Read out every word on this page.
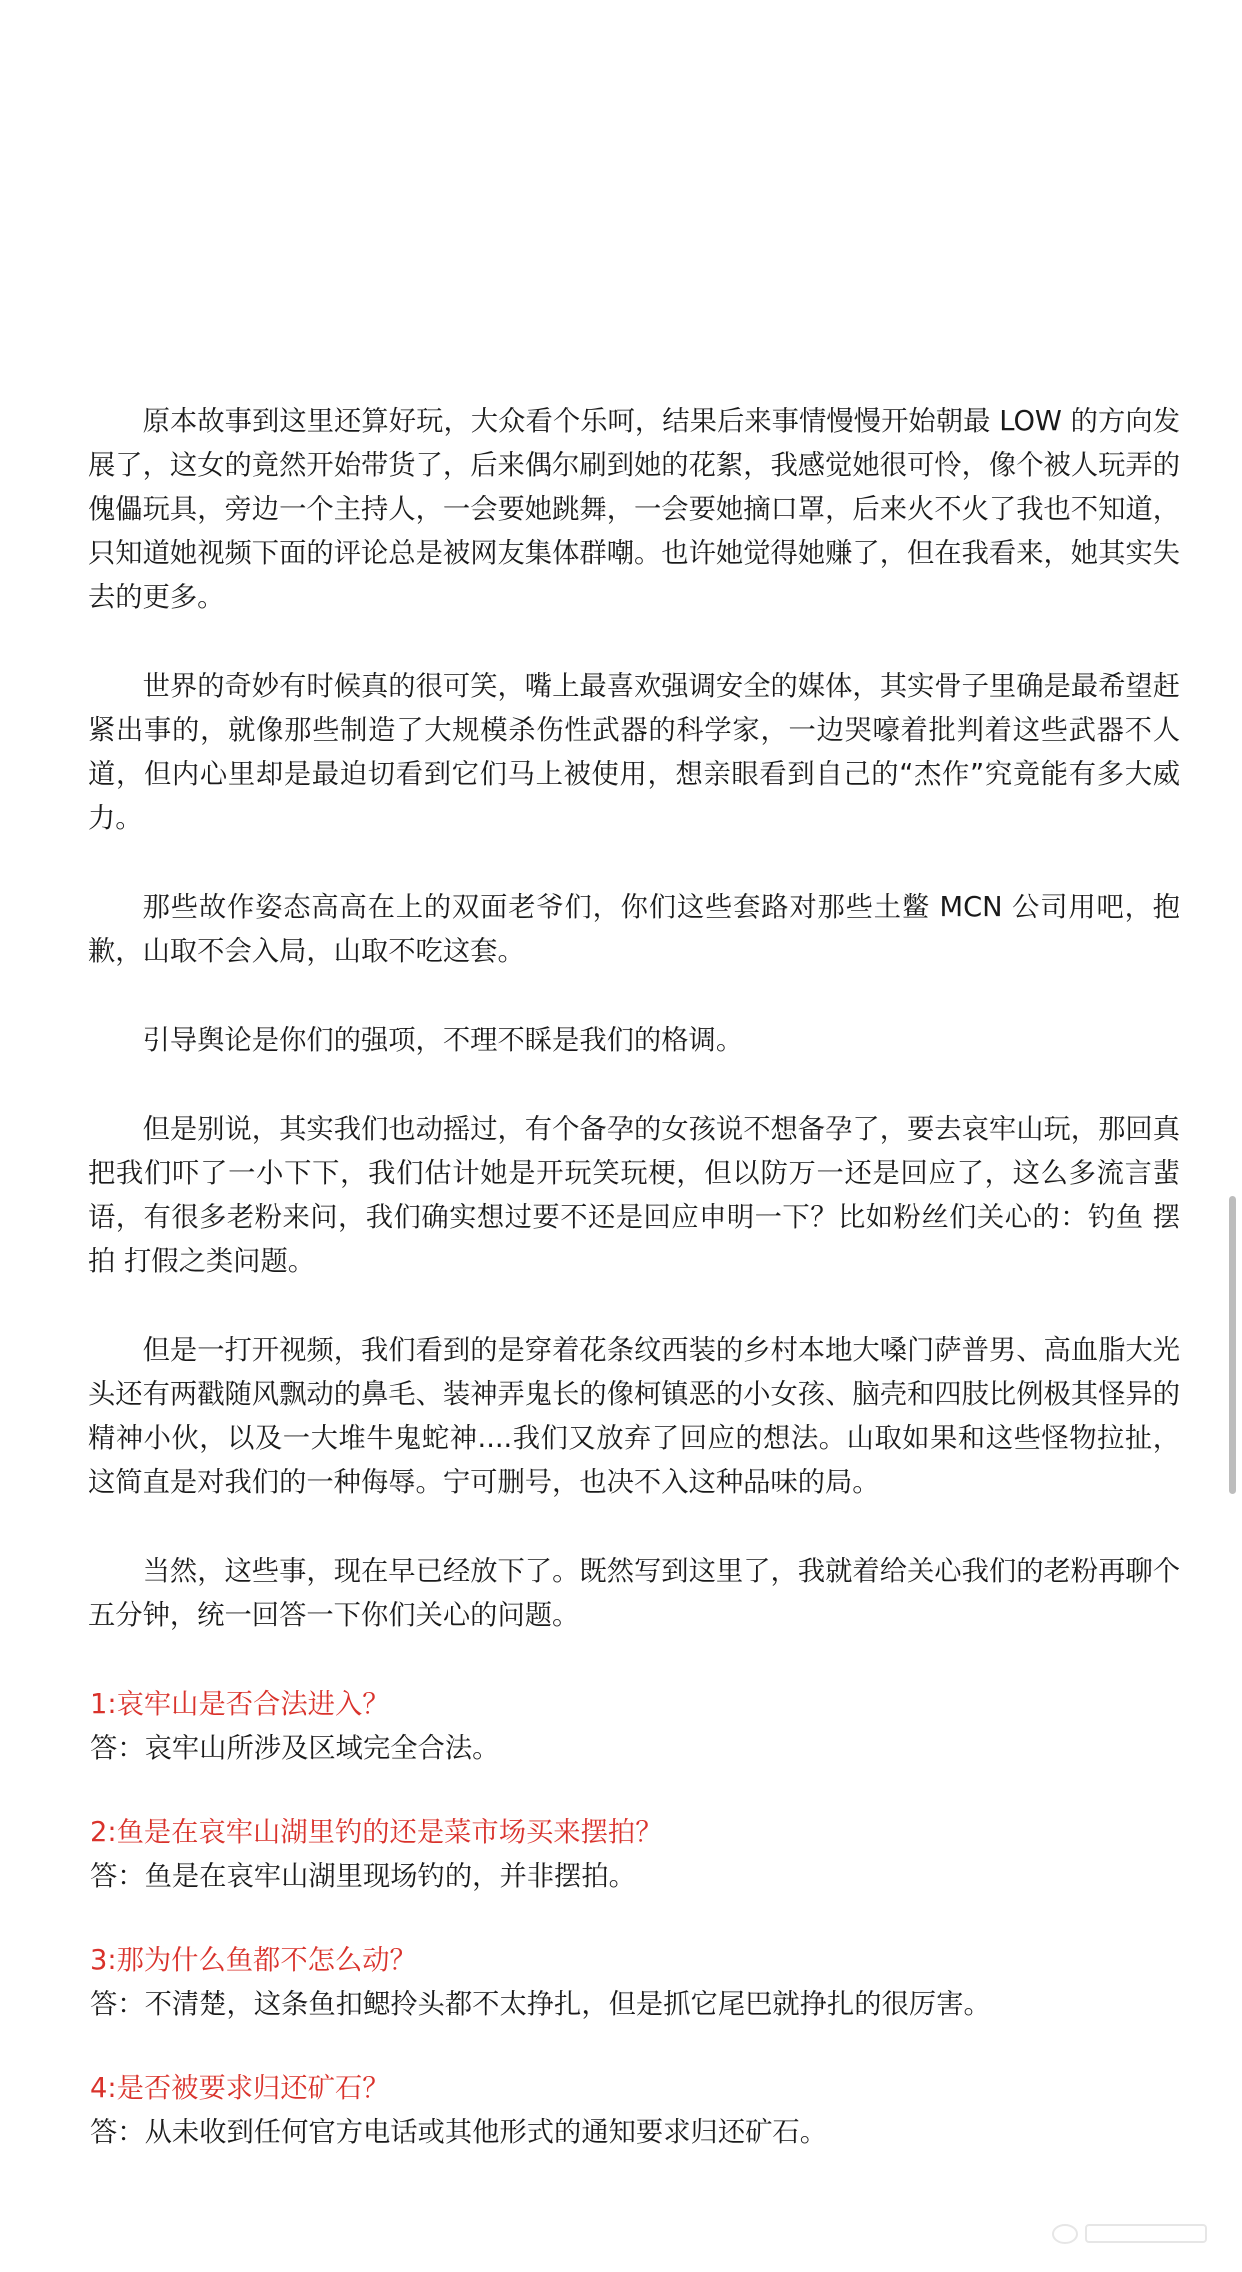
原本故事到这里还算好玩，大众看个乐呵，结果后来事情慢慢开始朝最 LOW 的方向发展了，这女的竟然开始带货了，后来偶尔刷到她的花絮，我感觉她很可怜，像个被人玩弄的傀儡玩具，旁边一个主持人，一会要她跳舞，一会要她摘口罩，后来火不火了我也不知道，只知道她视频下面的评论总是被网友集体群嘲。也许她觉得她赚了，但在我看来，她其实失去的更多。

世界的奇妙有时候真的很可笑，嘴上最喜欢强调安全的媒体，其实骨子里确是最希望赶紧出事的，就像那些制造了大规模杀伤性武器的科学家，一边哭嚎着批判着这些武器不人道，但内心里却是最迫切看到它们马上被使用，想亲眼看到自己的“杰作”究竟能有多大威力。

那些故作姿态高高在上的双面老爷们，你们这些套路对那些土鳖 MCN 公司用吧，抱歉，山取不会入局，山取不吃这套。

引导舆论是你们的强项，不理不睬是我们的格调。

但是别说，其实我们也动摇过，有个备孕的女孩说不想备孕了，要去哀牢山玩，那回真把我们吓了一小下下，我们估计她是开玩笑玩梗，但以防万一还是回应了，这么多流言蜚语，有很多老粉来问，我们确实想过要不还是回应申明一下？比如粉丝们关心的：钓鱼 摆拍 打假之类问题。

但是一打开视频，我们看到的是穿着花条纹西装的乡村本地大嗓门萨普男、高血脂大光头还有两戳随风飘动的鼻毛、装神弄鬼长的像柯镇恶的小女孩、脑壳和四肢比例极其怪异的精神小伙，以及一大堆牛鬼蛇神....我们又放弃了回应的想法。山取如果和这些怪物拉扯，这简直是对我们的一种侮辱。宁可删号，也决不入这种品味的局。

当然，这些事，现在早已经放下了。既然写到这里了，我就着给关心我们的老粉再聊个五分钟，统一回答一下你们关心的问题。

1:哀牢山是否合法进入？
答：哀牢山所涉及区域完全合法。
2:鱼是在哀牢山湖里钓的还是菜市场买来摆拍？
答：鱼是在哀牢山湖里现场钓的，并非摆拍。
3:那为什么鱼都不怎么动？
答：不清楚，这条鱼扣鳃拎头都不太挣扎，但是抓它尾巴就挣扎的很厉害。
4:是否被要求归还矿石？
答：从未收到任何官方电话或其他形式的通知要求归还矿石。
